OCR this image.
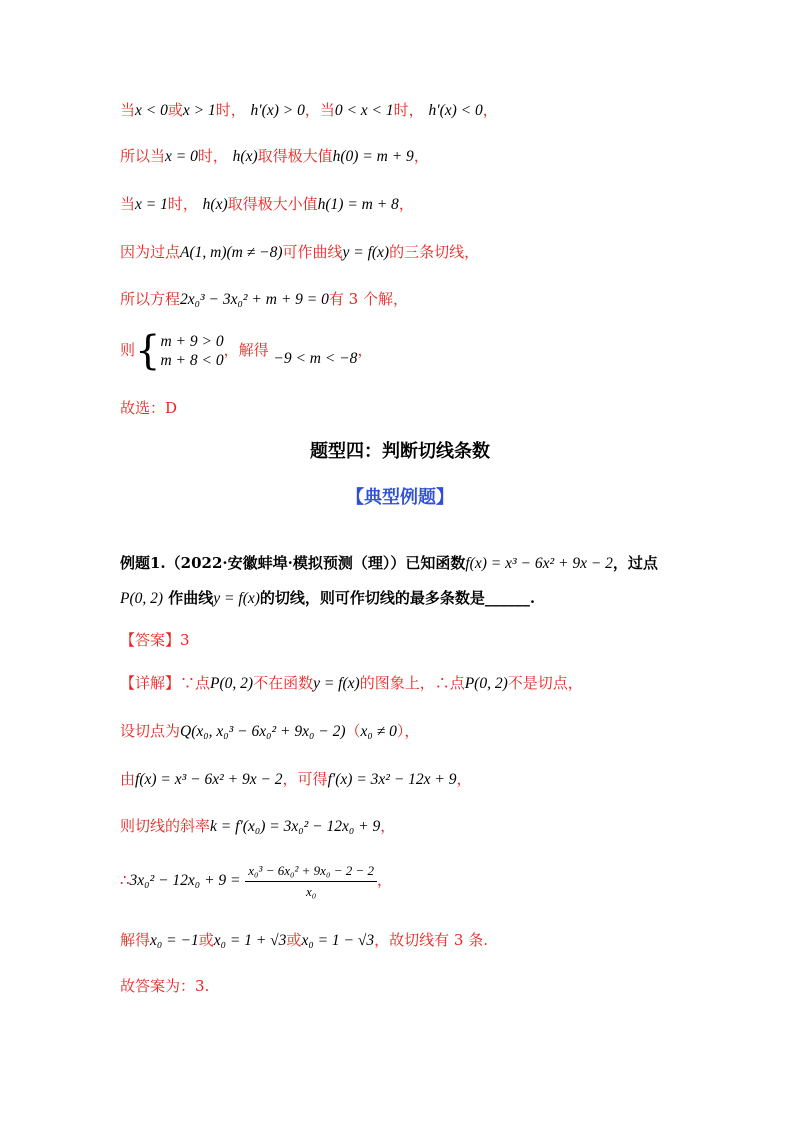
当x < 0或x > 1时， h′(x) > 0，当0 < x < 1时， h′(x) < 0，
所以当x = 0时， h(x)取得极大值h(0) = m + 9，
当x = 1时， h(x)取得极大小值h(1) = m + 8，
因为过点A(1, m)(m ≠ −8)可作曲线y = f(x)的三条切线，
所以方程2x₀³ − 3x₀² + m + 9 = 0有 3 个解，
则{ m + 9 > 0
m + 8 < 0
，解得 −9 < m < −8，
故选：D
题型四：判断切线条数
【典型例题】
例题1.（2022·安徽蚌埠·模拟预测（理））已知函数f(x) = x³ − 6x² + 9x − 2，过点
P(0, 2) 作曲线y = f(x)的切线，则可作切线的最多条数是______.
【答案】3
【详解】∵点P(0, 2)不在函数y = f(x)的图象上，∴点P(0, 2)不是切点，
设切点为Q(x₀, x₀³ − 6x₀² + 9x₀ − 2)（x₀ ≠ 0），
由f(x) = x³ − 6x² + 9x − 2，可得f′(x) = 3x² − 12x + 9，
则切线的斜率k = f′(x₀) = 3x₀² − 12x₀ + 9，
∴3x₀² − $12x_0 + 9 = \frac{\text{x₀³ − 6x₀² + 9x₀ − 2 − 2}}{\text{x₀}}$ ，
解得x₀ = −1或x₀ = 1 + √3或x₀ = 1 − √3，故切线有 3 条.
故答案为：3.
